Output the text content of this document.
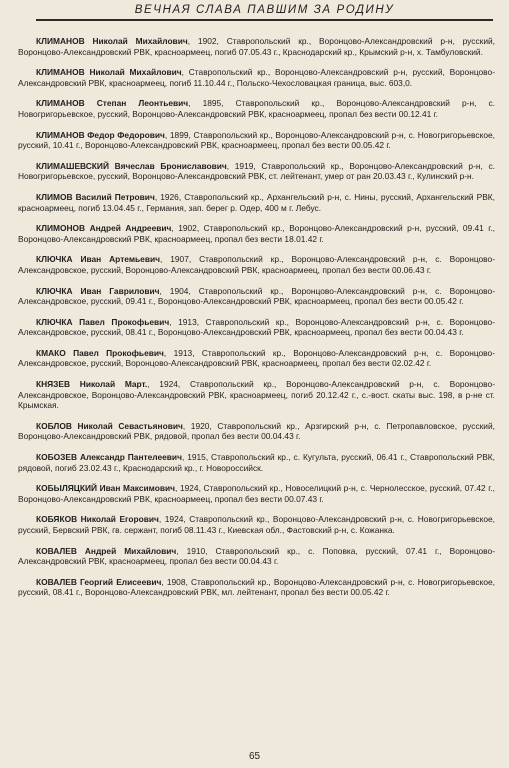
ВЕЧНАЯ СЛАВА ПАВШИМ ЗА РОДИНУ

КЛИМАНОВ Николай Михайлович, 1902, Ставропольский кр., Воронцово-Александровский р-н, русский, Воронцово-Александровский РВК, красноармеец, погиб 07.05.43 г., Краснодарский кр., Крымский р-н, х. Тамбуловский.

КЛИМАНОВ Николай Михайлович, Ставропольский кр., Воронцово-Александровский р-н, русский, Воронцово-Александровский РВК, красноармеец, погиб 11.10.44 г., Польско-Чехословацкая граница, выс. 603,0.

КЛИМАНОВ Степан Леонтьевич, 1895, Ставропольский кр., Воронцово-Александровский р-н, с. Новогригорьевское, русский, Воронцово-Александровский РВК, красноармеец, пропал без вести 00.12.41 г.

КЛИМАНОВ Федор Федорович, 1899, Ставропольский кр., Воронцово-Александровский р-н, с. Новогригорьевское, русский, 10.41 г., Воронцово-Александровский РВК, красноармеец, пропал без вести 00.05.42 г.

КЛИМАШЕВСКИЙ Вячеслав Брониславович, 1919, Ставропольский кр., Воронцово-Александровский р-н, с. Новогригорьевское, русский, Воронцово-Александровский РВК, ст. лейтенант, умер от ран 20.03.43 г., Кулинский р-н.

КЛИМОВ Василий Петрович, 1926, Ставропольский кр., Архангельский р-н, с. Нины, русский, Архангельский РВК, красноармеец, погиб 13.04.45 г., Германия, зап. берег р. Одер, 400 м г. Лебус.

КЛИМОНОВ Андрей Андреевич, 1902, Ставропольский кр., Воронцово-Александровский р-н, русский, 09.41 г., Воронцово-Александровский РВК, красноармеец, пропал без вести 18.01.42 г.

КЛЮЧКА Иван Артемьевич, 1907, Ставропольский кр., Воронцово-Александровский р-н, с. Воронцово-Александровское, русский, Воронцово-Александровский РВК, красноармеец, пропал без вести 00.06.43 г.

КЛЮЧКА Иван Гаврилович, 1904, Ставропольский кр., Воронцово-Александровский р-н, с. Воронцово-Александровское, русский, 09.41 г., Воронцово-Александровский РВК, красноармеец, пропал без вести 00.05.42 г.

КЛЮЧКА Павел Прокофьевич, 1913, Ставропольский кр., Воронцово-Александровский р-н, с. Воронцово-Александровское, русский, 08.41 г., Воронцово-Александровский РВК, красноармеец, пропал без вести 00.04.43 г.

КМАКО Павел Прокофьевич, 1913, Ставропольский кр., Воронцово-Александровский р-н, с. Воронцово-Александровское, русский, Воронцово-Александровский РВК, красноармеец, пропал без вести 02.02.42 г.

КНЯЗЕВ Николай Март., 1924, Ставропольский кр., Воронцово-Александровский р-н, с. Воронцово-Александровское, Воронцово-Александровский РВК, красноармеец, погиб 20.12.42 г., с.-вост. скаты выс. 198, в р-не ст. Крымская.

КОБЛОВ Николай Севастьянович, 1920, Ставропольский кр., Арзгирский р-н, с. Петропавловское, русский, Воронцово-Александровский РВК, рядовой, пропал без вести 00.04.43 г.

КОБОЗЕВ Александр Пантелеевич, 1915, Ставропольский кр., с. Кугульта, русский, 06.41 г., Ставропольский РВК, рядовой, погиб 23.02.43 г., Краснодарский кр., г. Новороссийск.

КОБЫЛЯЦКИЙ Иван Максимович, 1924, Ставропольский кр., Новоселицкий р-н, с. Чернолесское, русский, 07.42 г., Воронцово-Александровский РВК, красноармеец, пропал без вести 00.07.43 г.

КОБЯКОВ Николай Егорович, 1924, Ставропольский кр., Воронцово-Александровский р-н, с. Новогригорьевское, русский, Бервский РВК, гв. сержант, погиб 08.11.43 г., Киевская обл., Фастовский р-н, с. Кожанка.

КОВАЛЕВ Андрей Михайлович, 1910, Ставропольский кр., с. Поповка, русский, 07.41 г., Воронцово-Александровский РВК, красноармеец, пропал без вести 00.04.43 г.

КОВАЛЕВ Георгий Елисеевич, 1908, Ставропольский кр., Воронцово-Александровский р-н, с. Новогригорьевское, русский, 08.41 г., Воронцово-Александровский РВК, мл. лейтенант, пропал без вести 00.05.42 г.

65
